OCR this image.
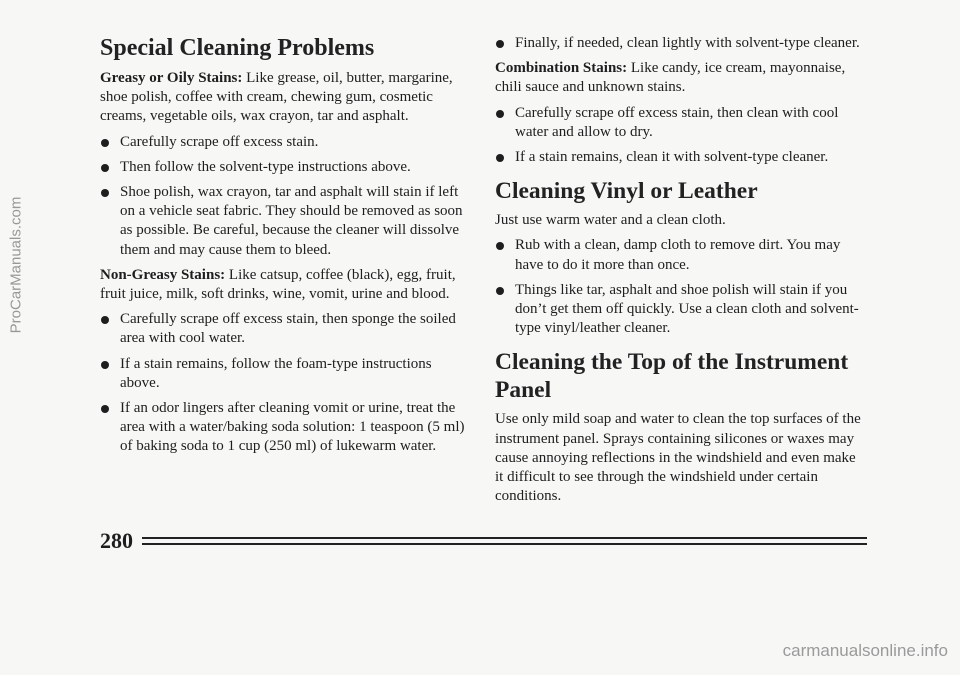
Special Cleaning Problems

Greasy or Oily Stains: Like grease, oil, butter, margarine, shoe polish, coffee with cream, chewing gum, cosmetic creams, vegetable oils, wax crayon, tar and asphalt.

Carefully scrape off excess stain.
Then follow the solvent-type instructions above.
Shoe polish, wax crayon, tar and asphalt will stain if left on a vehicle seat fabric. They should be removed as soon as possible. Be careful, because the cleaner will dissolve them and may cause them to bleed.

Non-Greasy Stains: Like catsup, coffee (black), egg, fruit, fruit juice, milk, soft drinks, wine, vomit, urine and blood.

Carefully scrape off excess stain, then sponge the soiled area with cool water.
If a stain remains, follow the foam-type instructions above.
If an odor lingers after cleaning vomit or urine, treat the area with a water/baking soda solution: 1 teaspoon (5 ml) of baking soda to 1 cup (250 ml) of lukewarm water.
Finally, if needed, clean lightly with solvent-type cleaner.

Combination Stains: Like candy, ice cream, mayonnaise, chili sauce and unknown stains.

Carefully scrape off excess stain, then clean with cool water and allow to dry.
If a stain remains, clean it with solvent-type cleaner.
Cleaning Vinyl or Leather

Just use warm water and a clean cloth.

Rub with a clean, damp cloth to remove dirt. You may have to do it more than once.
Things like tar, asphalt and shoe polish will stain if you don’t get them off quickly. Use a clean cloth and solvent-type vinyl/leather cleaner.
Cleaning the Top of the Instrument Panel

Use only mild soap and water to clean the top surfaces of the instrument panel. Sprays containing silicones or waxes may cause annoying reflections in the windshield and even make it difficult to see through the windshield under certain conditions.

280
ProCarManuals.com
carmanualsonline.info
